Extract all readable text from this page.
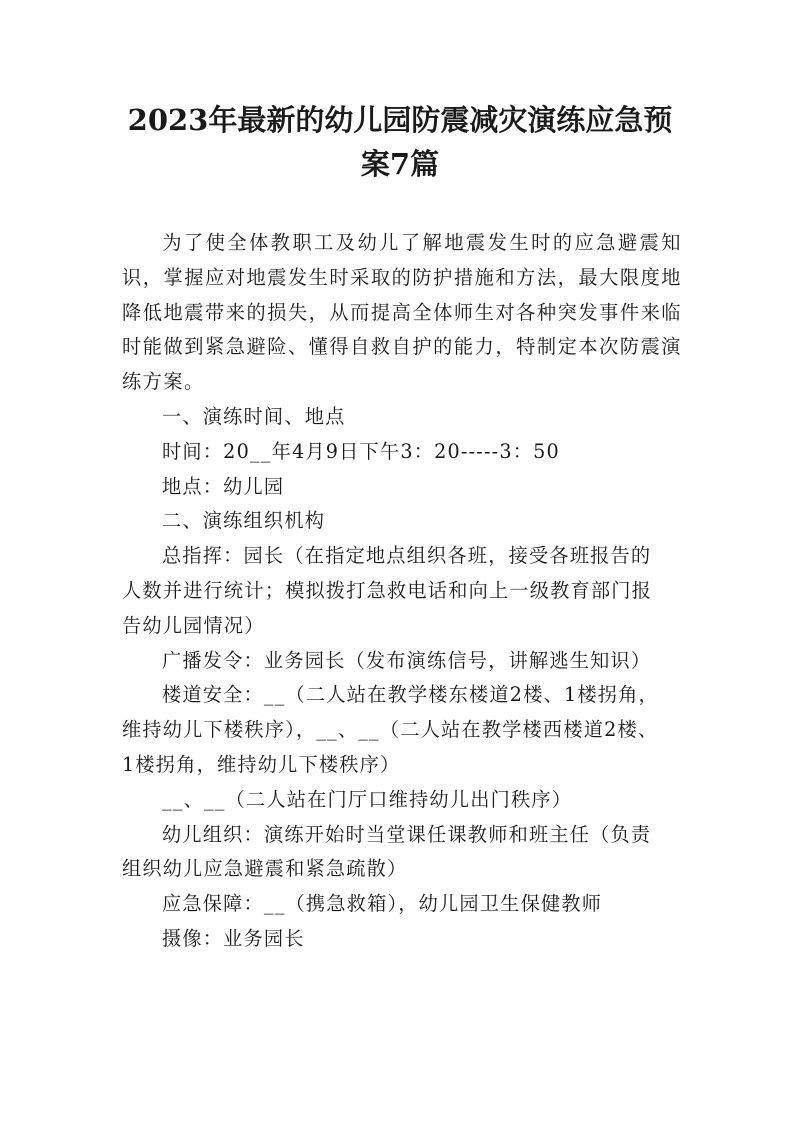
2023年最新的幼儿园防震减灾演练应急预
案7篇

为了使全体教职工及幼儿了解地震发生时的应急避震知识，掌握应对地震发生时采取的防护措施和方法，最大限度地降低地震带来的损失，从而提高全体师生对各种突发事件来临时能做到紧急避险、懂得自救自护的能力，特制定本次防震演练方案。

一、演练时间、地点
时间：20__年4月9日下午3：20-----3：50
地点：幼儿园
二、演练组织机构
总指挥：园长（在指定地点组织各班，接受各班报告的
人数并进行统计；模拟拨打急救电话和向上一级教育部门报
告幼儿园情况）
广播发令：业务园长（发布演练信号，讲解逃生知识）
楼道安全：__（二人站在教学楼东楼道2楼、1楼拐角，
维持幼儿下楼秩序），__、__（二人站在教学楼西楼道2楼、
1楼拐角，维持幼儿下楼秩序）
__、__（二人站在门厅口维持幼儿出门秩序）
幼儿组织：演练开始时当堂课任课教师和班主任（负责
组织幼儿应急避震和紧急疏散）
应急保障：__（携急救箱），幼儿园卫生保健教师
摄像：业务园长
